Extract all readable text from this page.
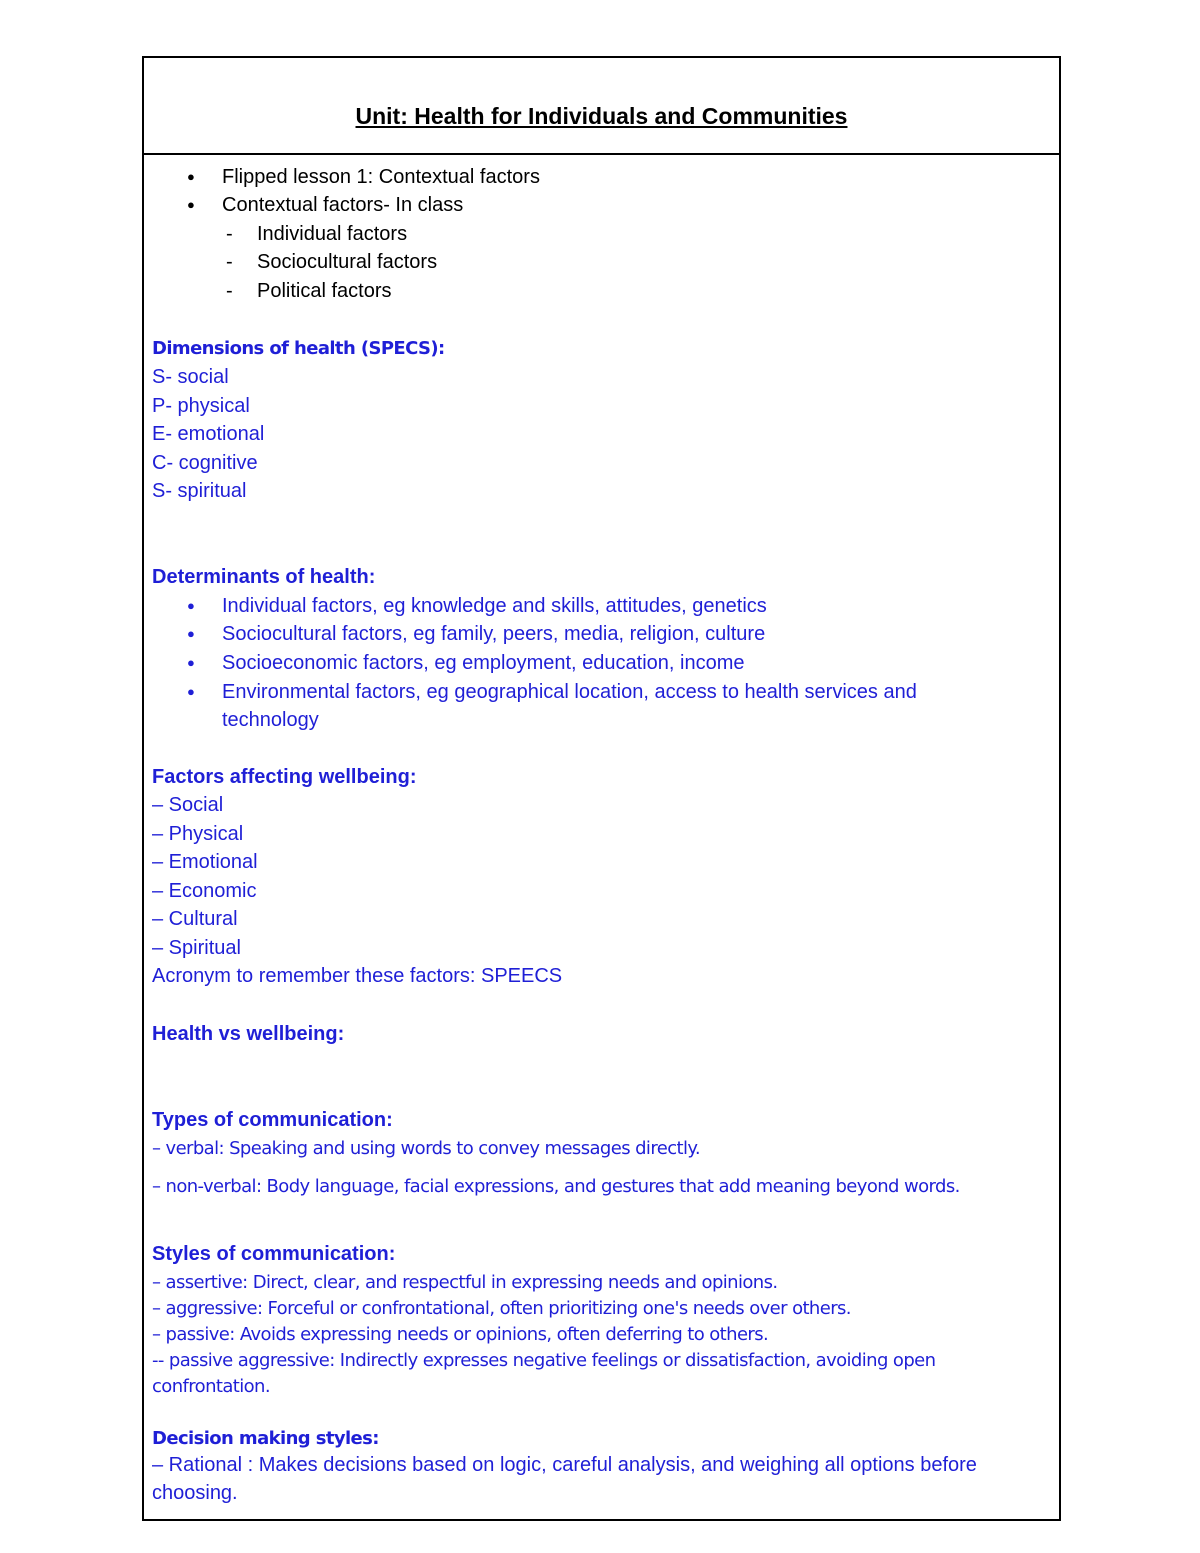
Unit: Health for Individuals and Communities
● Flipped lesson 1: Contextual factors
● Contextual factors- In class
- Individual factors
- Sociocultural factors
- Political factors
Dimensions of health (SPECS):
S- social
P- physical
E- emotional
C- cognitive
S- spiritual
Determinants of health:
● Individual factors, eg knowledge and skills, attitudes, genetics
● Sociocultural factors, eg family, peers, media, religion, culture
● Socioeconomic factors, eg employment, education, income
● Environmental factors, eg geographical location, access to health services and
technology
Factors affecting wellbeing:
– Social
– Physical
– Emotional
– Economic
– Cultural
– Spiritual
Acronym to remember these factors: SPEECS
Health vs wellbeing:
Types of communication:
– verbal: Speaking and using words to convey messages directly.
– non-verbal: Body language, facial expressions, and gestures that add meaning beyond words.
Styles of communication:
– assertive: Direct, clear, and respectful in expressing needs and opinions.
– aggressive: Forceful or confrontational, often prioritizing one's needs over others.
– passive: Avoids expressing needs or opinions, often deferring to others.
-- passive aggressive: Indirectly expresses negative feelings or dissatisfaction, avoiding open
confrontation.
Decision making styles:
– Rational : Makes decisions based on logic, careful analysis, and weighing all options before
choosing.
